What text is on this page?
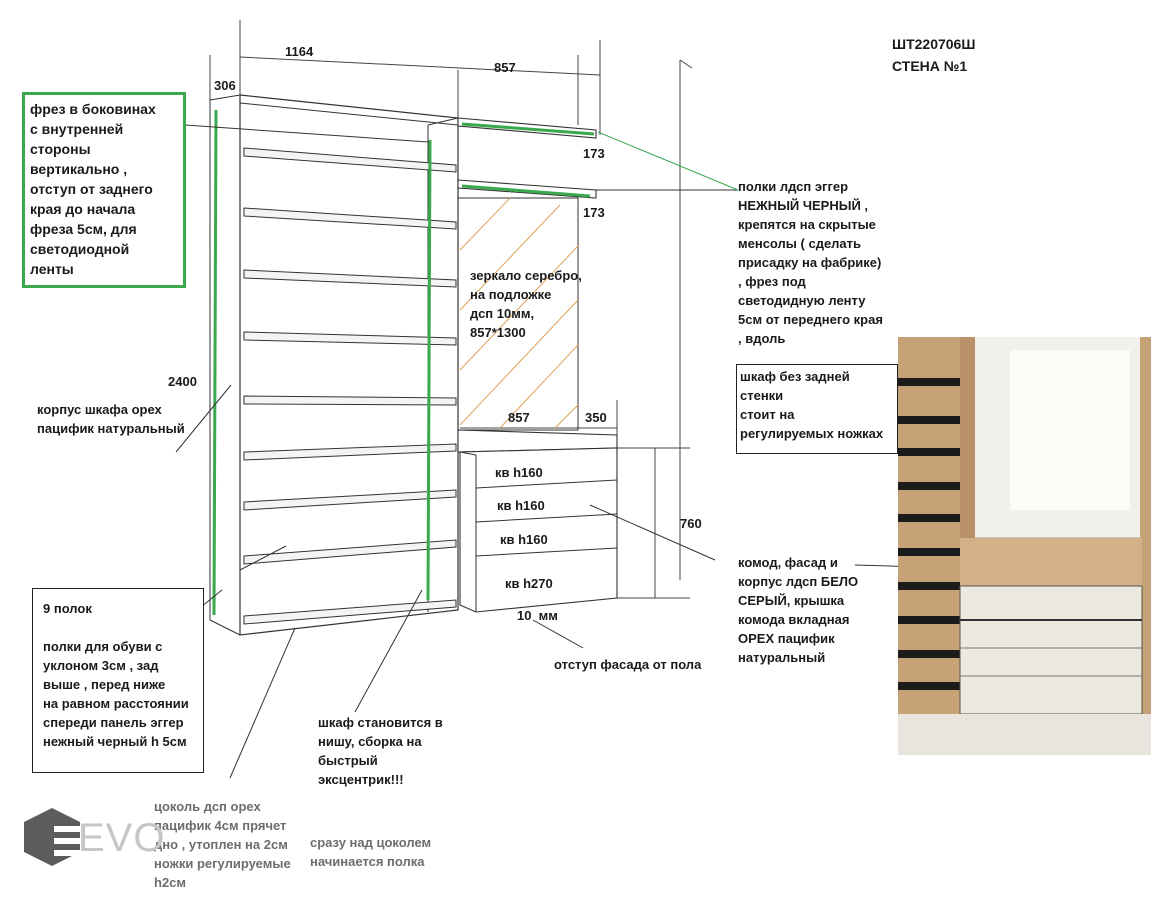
ШТ220706Ш
СТЕНА №1
1164
857
306
173
173
2400
857	350
760
10  мм
фрез в боковинах
с внутренней
стороны
вертикально ,
отступ от заднего
края до начала
фреза 5см, для
светодиодной
ленты
полки лдсп эггер
НЕЖНЫЙ ЧЕРНЫЙ ,
крепятся на скрытые
менсолы ( сделать
присадку на фабрике)
, фрез под
светодидную ленту
5см от переднего края
, вдоль
шкаф без задней
стенки
стоит на
регулируемых ножках
зеркало серебро,
на подложке
дсп 10мм,
857*1300
корпус шкафа орех
пацифик натуральный
9 полок

полки для обуви с
уклоном 3см , зад
выше , перед ниже
на равном расстоянии
спереди панель эггер
нежный черный h 5см
шкаф становится в
нишу, сборка на
быстрый
эксцентрик!!!
комод, фасад и
корпус лдсп БЕЛО
СЕРЫЙ, крышка
комода вкладная
ОРЕХ пацифик
натуральный
отступ фасада от пола
цоколь дсп орех
пацифик 4см прячет
дно , утоплен на 2см
ножки регулируемые
h2см
сразу над цоколем
начинается полка
кв h160
кв h160
кв h160
кв h270
EVO
